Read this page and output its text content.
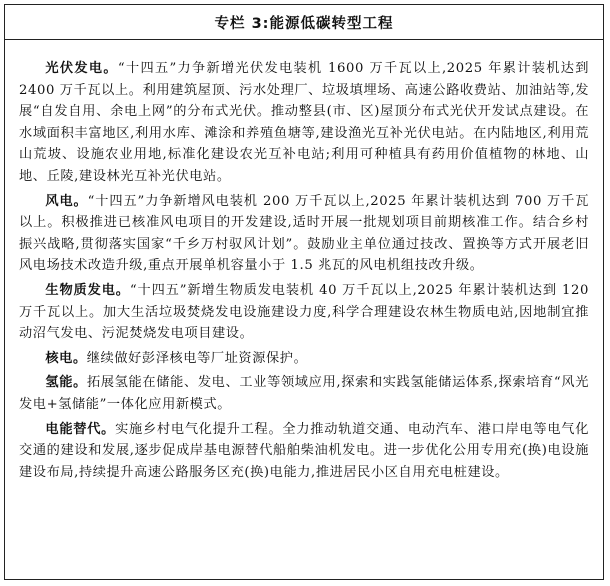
专栏 3:能源低碳转型工程

光伏发电。“十四五”力争新增光伏发电装机 1600 万千瓦以上,2025 年累计装机达到 2400 万千瓦以上。利用建筑屋顶、污水处理厂、垃圾填埋场、高速公路收费站、加油站等,发展“自发自用、余电上网”的分布式光伏。推动整县(市、区)屋顶分布式光伏开发试点建设。在水域面积丰富地区,利用水库、滩涂和养殖鱼塘等,建设渔光互补光伏电站。在内陆地区,利用荒山荒坡、设施农业用地,标准化建设农光互补电站;利用可种植具有药用价值植物的林地、山地、丘陵,建设林光互补光伏电站。

风电。“十四五”力争新增风电装机 200 万千瓦以上,2025 年累计装机达到 700 万千瓦以上。积极推进已核准风电项目的开发建设,适时开展一批规划项目前期核准工作。结合乡村振兴战略,贯彻落实国家“千乡万村驭风计划”。鼓励业主单位通过技改、置换等方式开展老旧风电场技术改造升级,重点开展单机容量小于 1.5 兆瓦的风电机组技改升级。

生物质发电。“十四五”新增生物质发电装机 40 万千瓦以上,2025 年累计装机达到 120 万千瓦以上。加大生活垃圾焚烧发电设施建设力度,科学合理建设农林生物质电站,因地制宜推动沼气发电、污泥焚烧发电项目建设。

核电。继续做好彭泽核电等厂址资源保护。

氢能。拓展氢能在储能、发电、工业等领域应用,探索和实践氢能储运体系,探索培育“风光发电+氢储能”一体化应用新模式。

电能替代。实施乡村电气化提升工程。全力推动轨道交通、电动汽车、港口岸电等电气化交通的建设和发展,逐步促成岸基电源替代船舶柴油机发电。进一步优化公用专用充(换)电设施建设布局,持续提升高速公路服务区充(换)电能力,推进居民小区自用充电桩建设。
